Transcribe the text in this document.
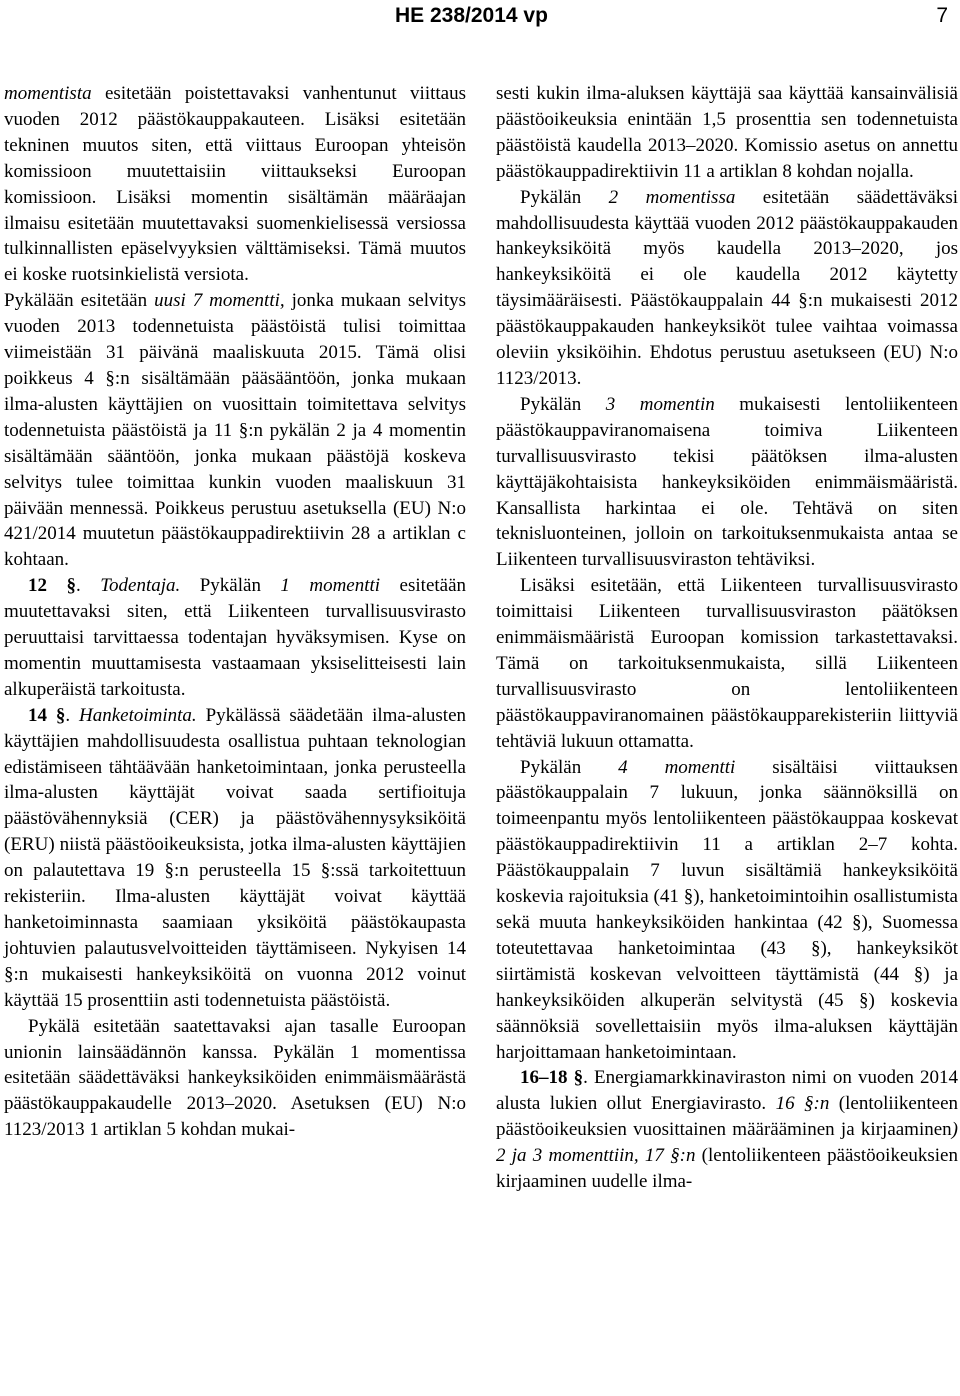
HE 238/2014 vp	7

momentista esitetään poistettavaksi vanhentunut viittaus vuoden 2012 päästökauppakauteen. Lisäksi esitetään tekninen muutos siten, että viittaus Euroopan yhteisön komissioon muutettaisiin viittaukseksi Euroopan komissioon. Lisäksi momentin sisältämän määräajan ilmaisu esitetään muutettavaksi suomenkielisessä versiossa tulkinnallisten epäselvyyksien välttämiseksi. Tämä muutos ei koske ruotsinkielistä versiota.

Pykälään esitetään uusi 7 momentti, jonka mukaan selvitys vuoden 2013 todennetuista päästöistä tulisi toimittaa viimeistään 31 päivänä maaliskuuta 2015. Tämä olisi poikkeus 4 §:n sisältämään pääsääntöön, jonka mukaan ilma-alusten käyttäjien on vuosittain toimitettava selvitys todennetuista päästöistä ja 11 §:n pykälän 2 ja 4 momentin sisältämään sääntöön, jonka mukaan päästöjä koskeva selvitys tulee toimittaa kunkin vuoden maaliskuun 31 päivään mennessä. Poikkeus perustuu asetuksella (EU) N:o 421/2014 muutetun päästökauppadirektiivin 28 a artiklan c kohtaan.

12 §. Todentaja. Pykälän 1 momentti esitetään muutettavaksi siten, että Liikenteen turvallisuusvirasto peruuttaisi tarvittaessa todentajan hyväksymisen. Kyse on momentin muuttamisesta vastaamaan yksiselitteisesti lain alkuperäistä tarkoitusta.

14 §. Hanketoiminta. Pykälässä säädetään ilma-alusten käyttäjien mahdollisuudesta osallistua puhtaan teknologian edistämiseen tähtäävään hanketoimintaan, jonka perusteella ilma-alusten käyttäjät voivat saada sertifioituja päästövähennyksiä (CER) ja päästövähennysyksiköitä (ERU) niistä päästöoikeuksista, jotka ilma-alusten käyttäjien on palautettava 19 §:n perusteella 15 §:ssä tarkoitettuun rekisteriin. Ilma-alusten käyttäjät voivat käyttää hanketoiminnasta saamiaan yksiköitä päästökaupasta johtuvien palautusvelvoitteiden täyttämiseen. Nykyisen 14 §:n mukaisesti hankeyksiköitä on vuonna 2012 voinut käyttää 15 prosenttiin asti todennetuista päästöistä.

Pykälä esitetään saatettavaksi ajan tasalle Euroopan unionin lainsäädännön kanssa. Pykälän 1 momentissa esitetään säädettäväksi hankeyksiköiden enimmäismäärästä päästökauppakaudelle 2013–2020. Asetuksen (EU) N:o 1123/2013 1 artiklan 5 kohdan mukai-

sesti kukin ilma-aluksen käyttäjä saa käyttää kansainvälisiä päästöoikeuksia enintään 1,5 prosenttia sen todennetuista päästöistä kaudella 2013–2020. Komissio asetus on annettu päästökauppadirektiivin 11 a artiklan 8 kohdan nojalla.

Pykälän 2 momentissa esitetään säädettäväksi mahdollisuudesta käyttää vuoden 2012 päästökauppakauden hankeyksiköitä myös kaudella 2013–2020, jos hankeyksiköitä ei ole kaudella 2012 käytetty täysimääräisesti. Päästökauppalain 44 §:n mukaisesti 2012 päästökauppakauden hankeyksiköt tulee vaihtaa voimassa oleviin yksiköihin. Ehdotus perustuu asetukseen (EU) N:o 1123/2013.

Pykälän 3 momentin mukaisesti lentoliikenteen päästökauppaviranomaisena toimiva Liikenteen turvallisuusvirasto tekisi päätöksen ilma-alusten käyttäjäkohtaisista hankeyksiköiden enimmäismääristä. Kansallista harkintaa ei ole. Tehtävä on siten teknisluonteinen, jolloin on tarkoituksenmukaista antaa se Liikenteen turvallisuusviraston tehtäviksi.

Lisäksi esitetään, että Liikenteen turvallisuusvirasto toimittaisi Liikenteen turvallisuusviraston päätöksen enimmäismääristä Euroopan komission tarkastettavaksi. Tämä on tarkoituksenmukaista, sillä Liikenteen turvallisuusvirasto on lentoliikenteen päästökauppaviranomainen päästökaupparekisteriin liittyviä tehtäviä lukuun ottamatta.

Pykälän 4 momentti sisältäisi viittauksen päästökauppalain 7 lukuun, jonka säännöksillä on toimeenpantu myös lentoliikenteen päästökauppaa koskevat päästökauppadirektiivin 11 a artiklan 2–7 kohta. Päästökauppalain 7 luvun sisältämiä hankeyksiköitä koskevia rajoituksia (41 §), hanketoimintoihin osallistumista sekä muuta hankeyksiköiden hankintaa (42 §), Suomessa toteutettavaa hanketoimintaa (43 §), hankeyksiköt siirtämistä koskevan velvoitteen täyttämistä (44 §) ja hankeyksiköiden alkuperän selvitystä (45 §) koskevia säännöksiä sovellettaisiin myös ilma-aluksen käyttäjän harjoittamaan hanketoimintaan.

16–18 §. Energiamarkkinaviraston nimi on vuoden 2014 alusta lukien ollut Energiavirasto. 16 §:n (lentoliikenteen päästöoikeuksien vuosittainen määrääminen ja kirjaaminen) 2 ja 3 momenttiin, 17 §:n (lentoliikenteen päästöoikeuksien kirjaaminen uudelle ilma-
